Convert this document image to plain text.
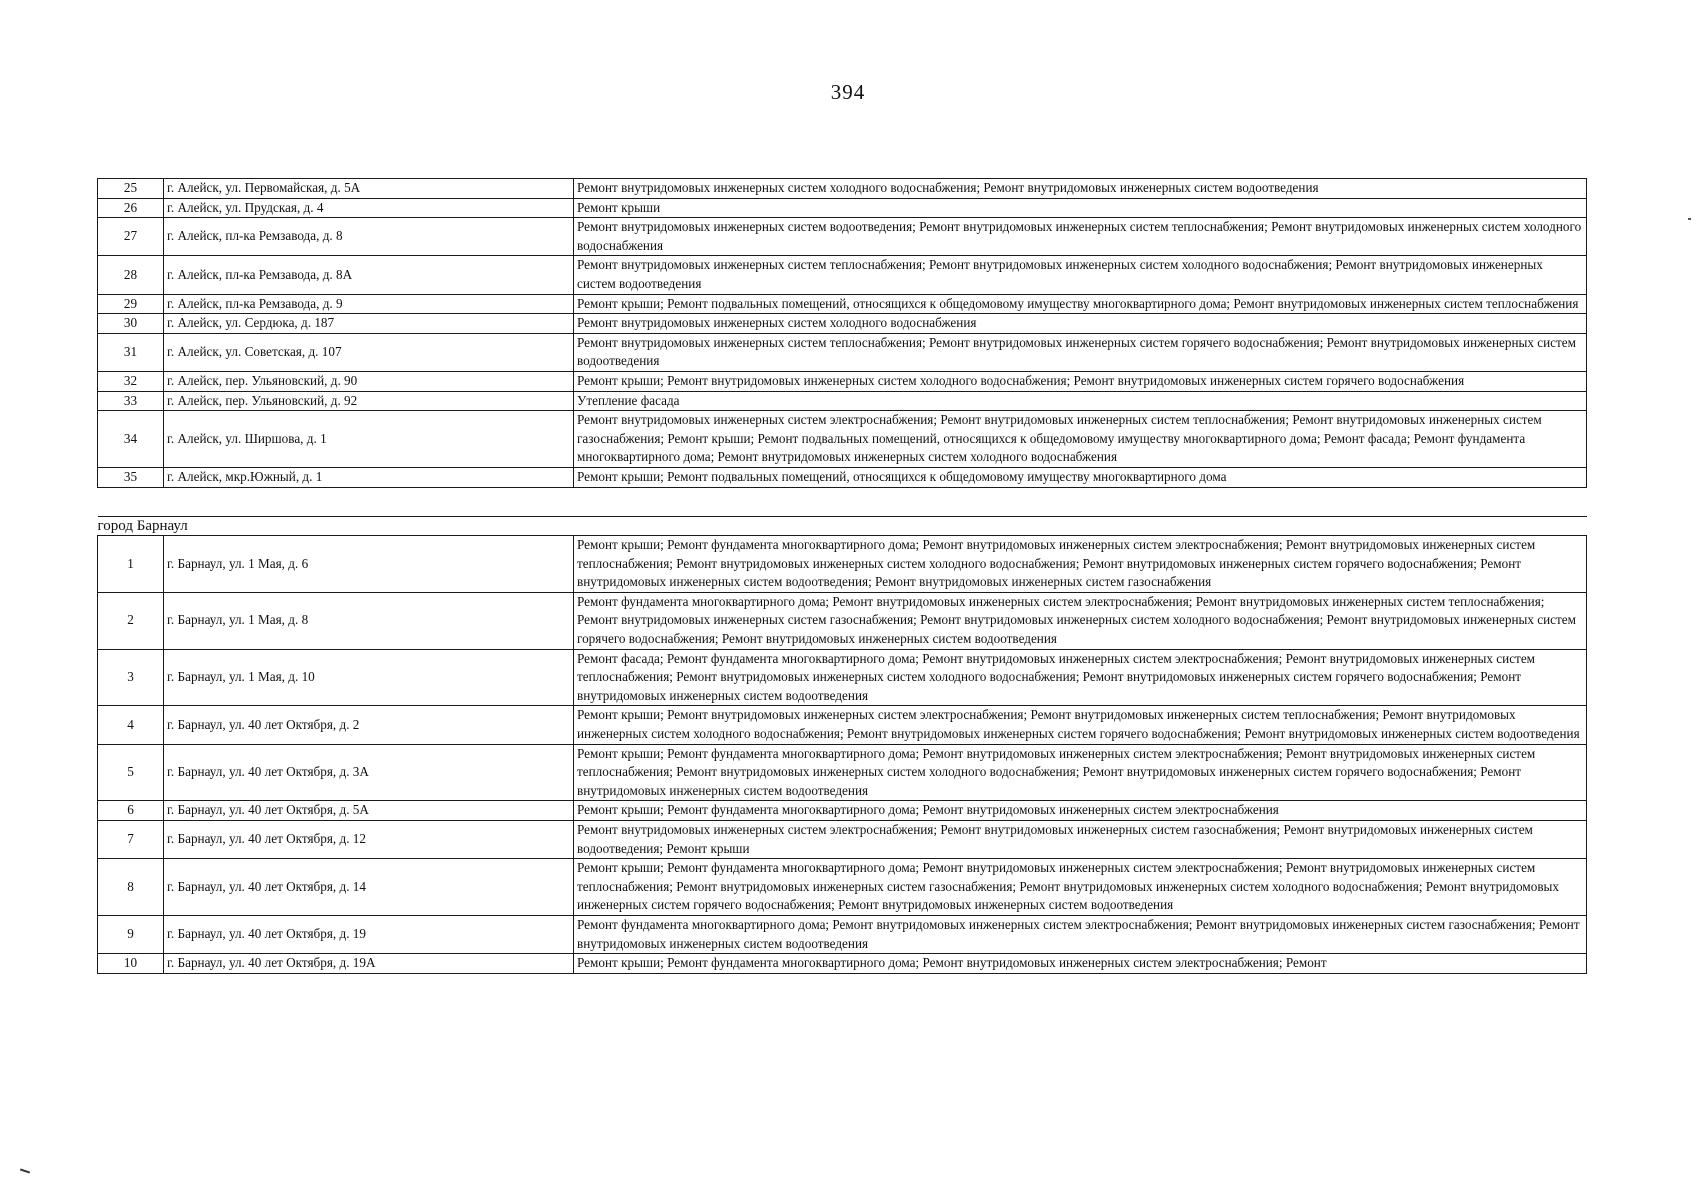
394
25	г. Алейск, ул. Первомайская, д. 5А	Ремонт внутридомовых инженерных систем холодного водоснабжения; Ремонт внутридомовых инженерных систем водоотведения
26	г. Алейск, ул. Прудская, д. 4	Ремонт крыши
27	г. Алейск, пл-ка Ремзавода, д. 8	Ремонт внутридомовых инженерных систем водоотведения; Ремонт внутридомовых инженерных систем теплоснабжения; Ремонт внутридомовых инженерных систем холодного водоснабжения
28	г. Алейск, пл-ка Ремзавода, д. 8А	Ремонт внутридомовых инженерных систем теплоснабжения; Ремонт внутридомовых инженерных систем холодного водоснабжения; Ремонт внутридомовых инженерных систем водоотведения
29	г. Алейск, пл-ка Ремзавода, д. 9	Ремонт крыши; Ремонт подвальных помещений, относящихся к общедомовому имуществу многоквартирного дома; Ремонт внутридомовых инженерных систем теплоснабжения
30	г. Алейск, ул. Сердюка, д. 187	Ремонт внутридомовых инженерных систем холодного водоснабжения
31	г. Алейск, ул. Советская, д. 107	Ремонт внутридомовых инженерных систем теплоснабжения; Ремонт внутридомовых инженерных систем горячего водоснабжения; Ремонт внутридомовых инженерных систем водоотведения
32	г. Алейск, пер. Ульяновский, д. 90	Ремонт крыши; Ремонт внутридомовых инженерных систем холодного водоснабжения; Ремонт внутридомовых инженерных систем горячего водоснабжения
33	г. Алейск, пер. Ульяновский, д. 92	Утепление фасада
34	г. Алейск, ул. Ширшова, д. 1	Ремонт внутридомовых инженерных систем электроснабжения; Ремонт внутридомовых инженерных систем теплоснабжения; Ремонт внутридомовых инженерных систем газоснабжения; Ремонт крыши; Ремонт подвальных помещений, относящихся к общедомовому имуществу многоквартирного дома; Ремонт фасада; Ремонт фундамента многоквартирного дома; Ремонт внутридомовых инженерных систем холодного водоснабжения
35	г. Алейск, мкр.Южный, д. 1	Ремонт крыши; Ремонт подвальных помещений, относящихся к общедомовому имуществу многоквартирного дома

город Барнаул		
1	г. Барнаул, ул. 1 Мая, д. 6	Ремонт крыши; Ремонт фундамента многоквартирного дома; Ремонт внутридомовых инженерных систем электроснабжения; Ремонт внутридомовых инженерных систем теплоснабжения; Ремонт внутридомовых инженерных систем холодного водоснабжения; Ремонт внутридомовых инженерных систем горячего водоснабжения; Ремонт внутридомовых инженерных систем водоотведения; Ремонт внутридомовых инженерных систем газоснабжения
2	г. Барнаул, ул. 1 Мая, д. 8	Ремонт фундамента многоквартирного дома; Ремонт внутридомовых инженерных систем электроснабжения; Ремонт внутридомовых инженерных систем теплоснабжения; Ремонт внутридомовых инженерных систем газоснабжения; Ремонт внутридомовых инженерных систем холодного водоснабжения; Ремонт внутридомовых инженерных систем горячего водоснабжения; Ремонт внутридомовых инженерных систем водоотведения
3	г. Барнаул, ул. 1 Мая, д. 10	Ремонт фасада; Ремонт фундамента многоквартирного дома; Ремонт внутридомовых инженерных систем электроснабжения; Ремонт внутридомовых инженерных систем теплоснабжения; Ремонт внутридомовых инженерных систем холодного водоснабжения; Ремонт внутридомовых инженерных систем горячего водоснабжения; Ремонт внутридомовых инженерных систем водоотведения
4	г. Барнаул, ул. 40 лет Октября, д. 2	Ремонт крыши; Ремонт внутридомовых инженерных систем электроснабжения; Ремонт внутридомовых инженерных систем теплоснабжения; Ремонт внутридомовых инженерных систем холодного водоснабжения; Ремонт внутридомовых инженерных систем горячего водоснабжения; Ремонт внутридомовых инженерных систем водоотведения
5	г. Барнаул, ул. 40 лет Октября, д. 3А	Ремонт крыши; Ремонт фундамента многоквартирного дома; Ремонт внутридомовых инженерных систем электроснабжения; Ремонт внутридомовых инженерных систем теплоснабжения; Ремонт внутридомовых инженерных систем холодного водоснабжения; Ремонт внутридомовых инженерных систем горячего водоснабжения; Ремонт внутридомовых инженерных систем водоотведения
6	г. Барнаул, ул. 40 лет Октября, д. 5А	Ремонт крыши; Ремонт фундамента многоквартирного дома; Ремонт внутридомовых инженерных систем электроснабжения
7	г. Барнаул, ул. 40 лет Октября, д. 12	Ремонт внутридомовых инженерных систем электроснабжения; Ремонт внутридомовых инженерных систем газоснабжения; Ремонт внутридомовых инженерных систем водоотведения; Ремонт крыши
8	г. Барнаул, ул. 40 лет Октября, д. 14	Ремонт крыши; Ремонт фундамента многоквартирного дома; Ремонт внутридомовых инженерных систем электроснабжения; Ремонт внутридомовых инженерных систем теплоснабжения; Ремонт внутридомовых инженерных систем газоснабжения; Ремонт внутридомовых инженерных систем холодного водоснабжения; Ремонт внутридомовых инженерных систем горячего водоснабжения; Ремонт внутридомовых инженерных систем водоотведения
9	г. Барнаул, ул. 40 лет Октября, д. 19	Ремонт фундамента многоквартирного дома; Ремонт внутридомовых инженерных систем электроснабжения; Ремонт внутридомовых инженерных систем газоснабжения; Ремонт внутридомовых инженерных систем водоотведения
10	г. Барнаул, ул. 40 лет Октября, д. 19А	Ремонт крыши; Ремонт фундамента многоквартирного дома; Ремонт внутридомовых инженерных систем электроснабжения; Ремонт
